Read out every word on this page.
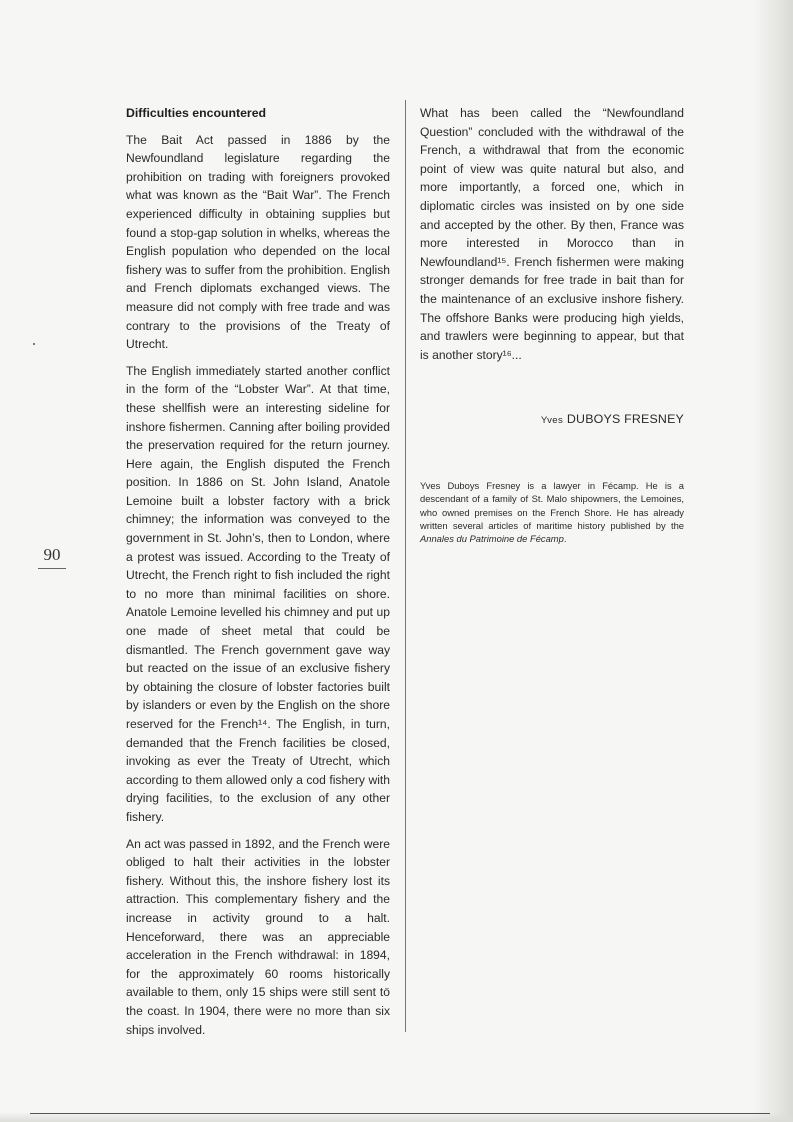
90
Difficulties encountered

The Bait Act passed in 1886 by the Newfoundland legislature regarding the prohibition on trading with foreigners provoked what was known as the “Bait War”. The French experienced difficulty in obtaining supplies but found a stop-gap solution in whelks, whereas the English population who depended on the local fishery was to suffer from the prohibition. English and French diplomats exchanged views. The measure did not comply with free trade and was contrary to the provisions of the Treaty of Utrecht.

The English immediately started another conflict in the form of the “Lobster War”. At that time, these shellfish were an interesting sideline for inshore fishermen. Canning after boiling provided the preservation required for the return journey. Here again, the English disputed the French position. In 1886 on St. John Island, Anatole Lemoine built a lobster factory with a brick chimney; the information was conveyed to the government in St. John’s, then to London, where a protest was issued. According to the Treaty of Utrecht, the French right to fish included the right to no more than minimal facilities on shore. Anatole Lemoine levelled his chimney and put up one made of sheet metal that could be dismantled. The French government gave way but reacted on the issue of an exclusive fishery by obtaining the closure of lobster factories built by islanders or even by the English on the shore reserved for the French¹⁴. The English, in turn, demanded that the French facilities be closed, invoking as ever the Treaty of Utrecht, which according to them allowed only a cod fishery with drying facilities, to the exclusion of any other fishery.

An act was passed in 1892, and the French were obliged to halt their activities in the lobster fishery. Without this, the inshore fishery lost its attraction. This complementary fishery and the increase in activity ground to a halt. Henceforward, there was an appreciable acceleration in the French withdrawal: in 1894, for the approximately 60 rooms historically available to them, only 15 ships were still sent to the coast. In 1904, there were no more than six ships involved.

What has been called the “Newfoundland Question” concluded with the withdrawal of the French, a withdrawal that from the economic point of view was quite natural but also, and more importantly, a forced one, which in diplomatic circles was insisted on by one side and accepted by the other. By then, France was more interested in Morocco than in Newfoundland¹⁵. French fishermen were making stronger demands for free trade in bait than for the maintenance of an exclusive inshore fishery. The offshore Banks were producing high yields, and trawlers were beginning to appear, but that is another story¹⁶...

Yves DUBOYS FRESNEY
Yves Duboys Fresney is a lawyer in Fécamp. He is a descendant of a family of St. Malo shipowners, the Lemoines, who owned premises on the French Shore. He has already written several articles of maritime history published by the Annales du Patrimoine de Fécamp.
